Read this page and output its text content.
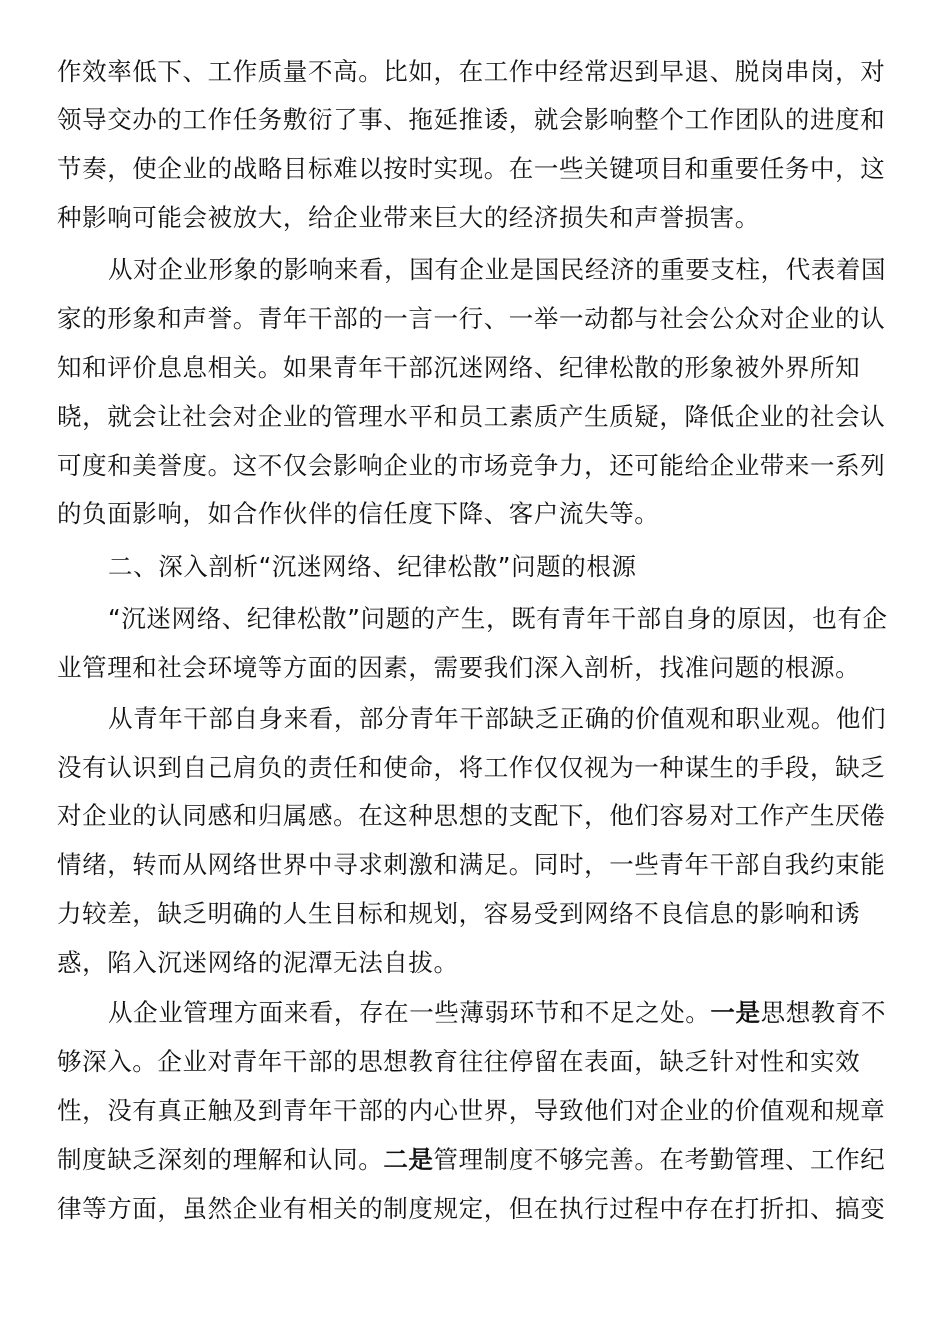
作效率低下、工作质量不高。比如，在工作中经常迟到早退、脱岗串岗，对
领导交办的工作任务敷衍了事、拖延推诿，就会影响整个工作团队的进度和
节奏，使企业的战略目标难以按时实现。在一些关键项目和重要任务中，这
种影响可能会被放大，给企业带来巨大的经济损失和声誉损害。
从对企业形象的影响来看，国有企业是国民经济的重要支柱，代表着国
家的形象和声誉。青年干部的一言一行、一举一动都与社会公众对企业的认
知和评价息息相关。如果青年干部沉迷网络、纪律松散的形象被外界所知
晓，就会让社会对企业的管理水平和员工素质产生质疑，降低企业的社会认
可度和美誉度。这不仅会影响企业的市场竞争力，还可能给企业带来一系列
的负面影响，如合作伙伴的信任度下降、客户流失等。
二、深入剖析“沉迷网络、纪律松散”问题的根源
“沉迷网络、纪律松散”问题的产生，既有青年干部自身的原因，也有企
业管理和社会环境等方面的因素，需要我们深入剖析，找准问题的根源。
从青年干部自身来看，部分青年干部缺乏正确的价值观和职业观。他们
没有认识到自己肩负的责任和使命，将工作仅仅视为一种谋生的手段，缺乏
对企业的认同感和归属感。在这种思想的支配下，他们容易对工作产生厌倦
情绪，转而从网络世界中寻求刺激和满足。同时，一些青年干部自我约束能
力较差，缺乏明确的人生目标和规划，容易受到网络不良信息的影响和诱
惑，陷入沉迷网络的泥潭无法自拔。
从企业管理方面来看，存在一些薄弱环节和不足之处。一是思想教育不
够深入。企业对青年干部的思想教育往往停留在表面，缺乏针对性和实效
性，没有真正触及到青年干部的内心世界，导致他们对企业的价值观和规章
制度缺乏深刻的理解和认同。二是管理制度不够完善。在考勤管理、工作纪
律等方面，虽然企业有相关的制度规定，但在执行过程中存在打折扣、搞变
